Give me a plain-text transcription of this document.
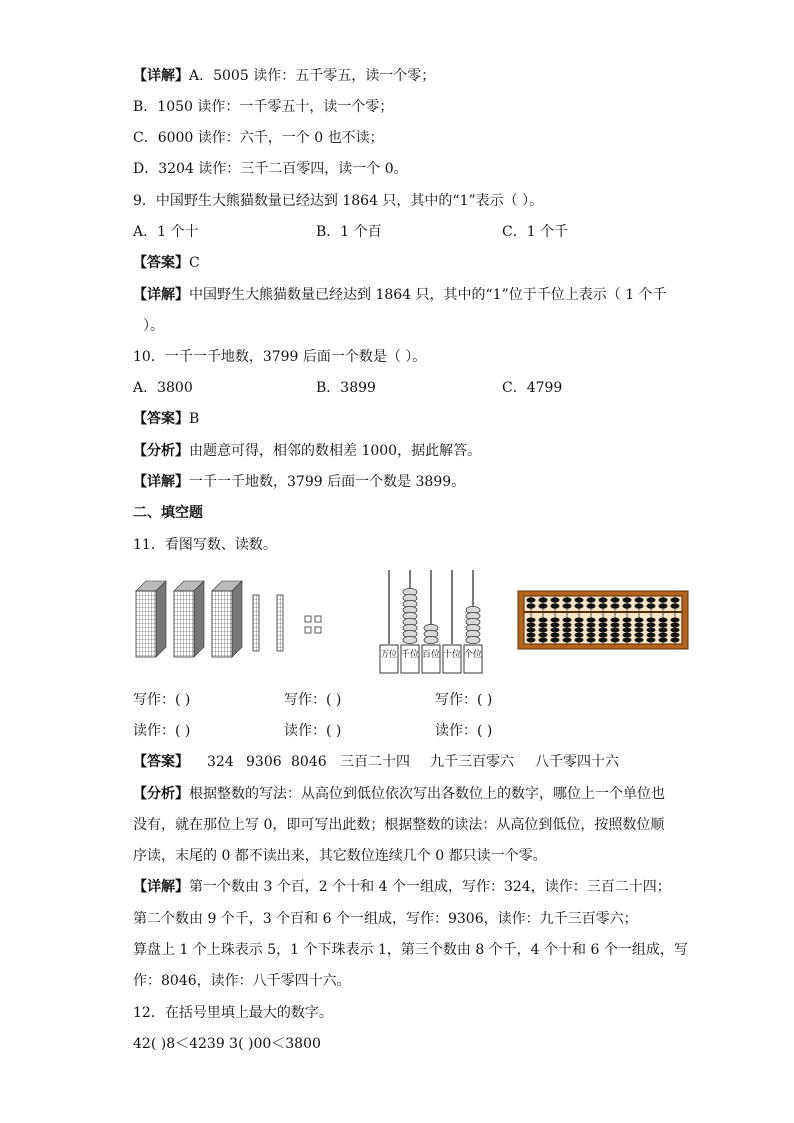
【详解】A．5005 读作：五千零五，读一个零；
B．1050 读作：一千零五十，读一个零；
C．6000 读作：六千，一个 0 也不读；
D．3204 读作：三千二百零四，读一个 0。
9．中国野生大熊猫数量已经达到 1864 只，其中的“1”表示（ ）。
A．1 个十	B．1 个百	C．1 个千
【答案】C
【详解】中国野生大熊猫数量已经达到 1864 只，其中的“1”位于千位上表示（ 1 个千
）。
10．一千一千地数，3799 后面一个数是（ ）。
A．3800	B．3899	C．4799
【答案】B
【分析】由题意可得，相邻的数相差 1000，据此解答。
【详解】一千一千地数，3799 后面一个数是 3899。
二、填空题
11．看图写数、读数。
万位 千位 百位 十位 个位
写作：( )	写作：( )	写作：( )
读作：( )	读作：( )	读作：( )
【答案】 324 9306 8046 三百二十四 九千三百零六 八千零四十六
【分析】根据整数的写法：从高位到低位依次写出各数位上的数字，哪位上一个单位也
没有，就在那位上写 0，即可写出此数；根据整数的读法：从高位到低位，按照数位顺
序读，末尾的 0 都不读出来，其它数位连续几个 0 都只读一个零。
【详解】第一个数由 3 个百，2 个十和 4 个一组成，写作：324，读作：三百二十四；
第二个数由 9 个千，3 个百和 6 个一组成，写作：9306，读作：九千三百零六；
算盘上 1 个上珠表示 5，1 个下珠表示 1，第三个数由 8 个千，4 个十和 6 个一组成，写
作：8046，读作：八千零四十六。
12．在括号里填上最大的数字。
42( )8＜4239 3( )00＜3800
